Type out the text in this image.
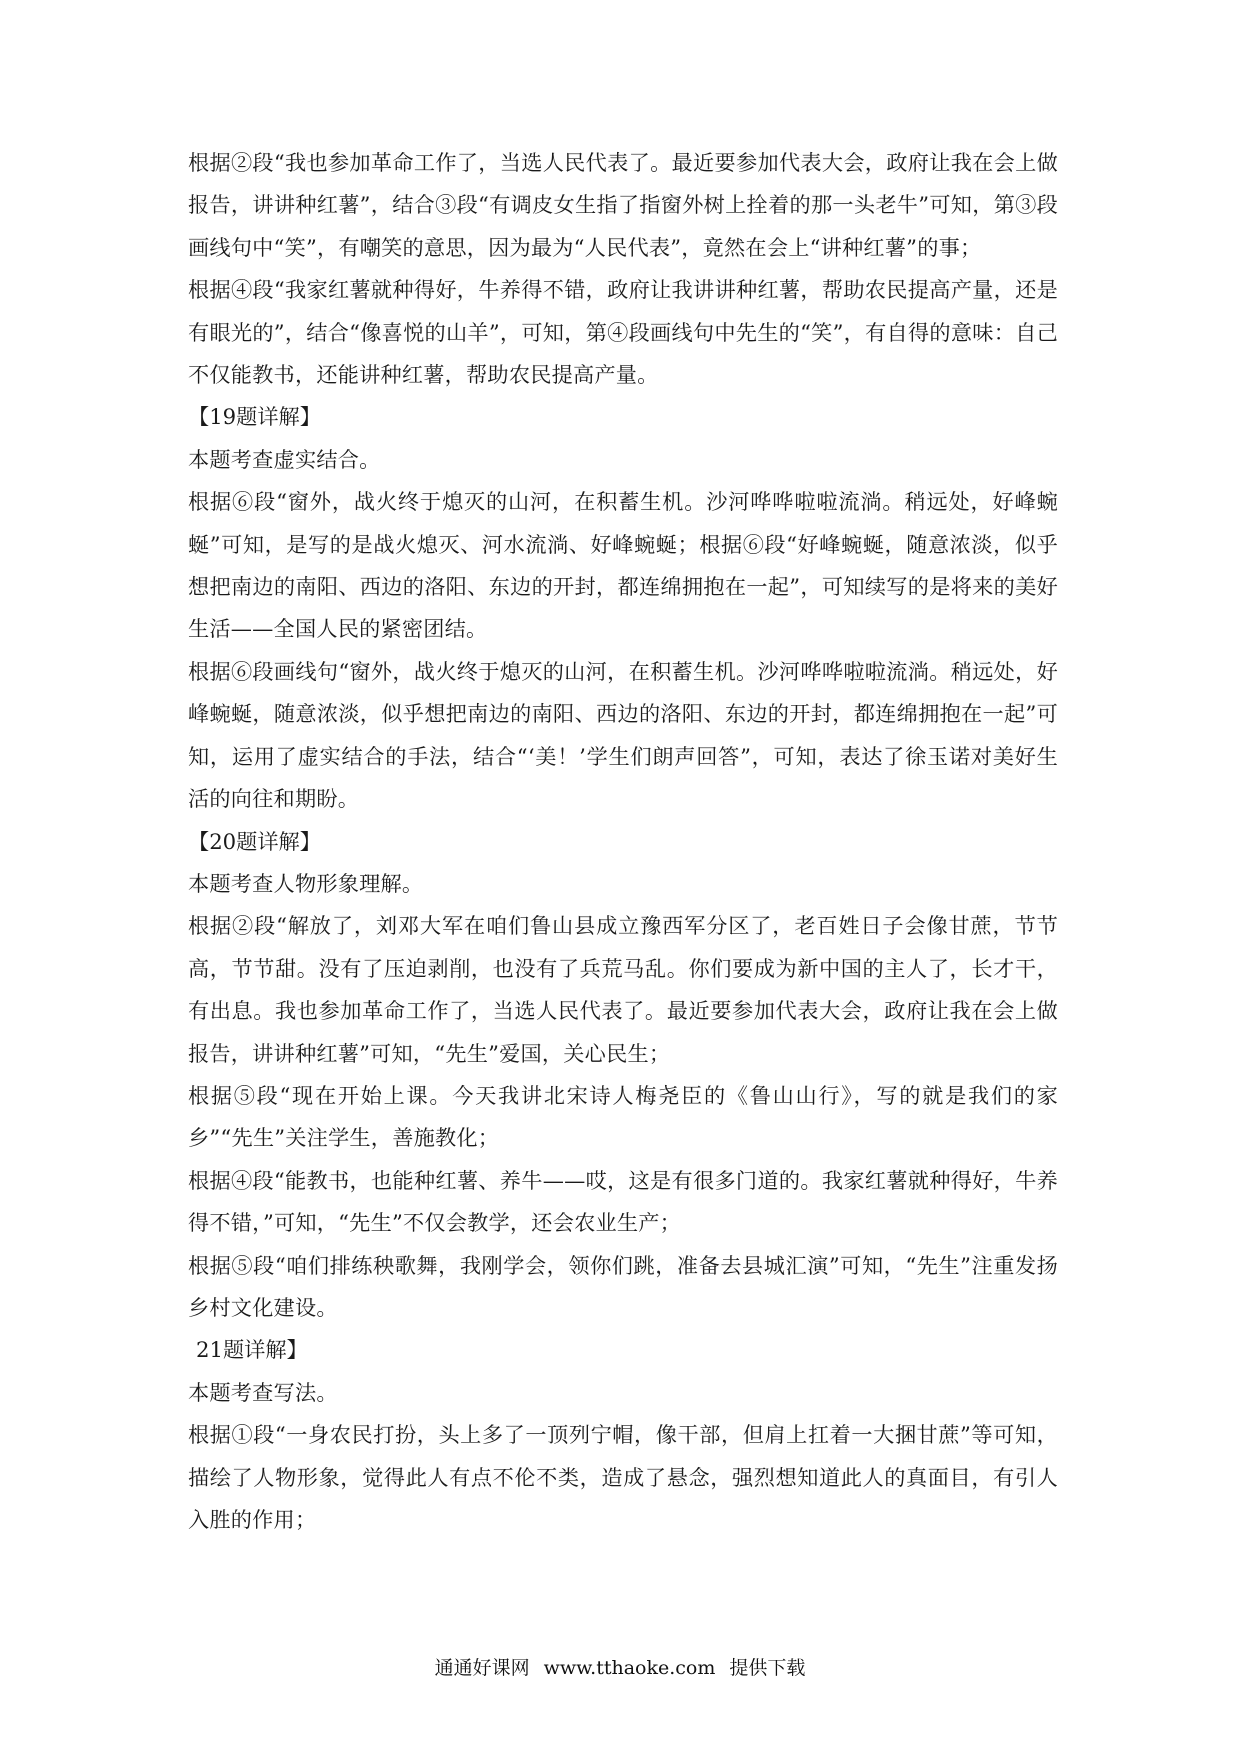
根据②段“我也参加革命工作了，当选人民代表了。最近要参加代表大会，政府让我在会上做报告，讲讲种红薯”，结合③段“有调皮女生指了指窗外树上拴着的那一头老牛”可知，第③段画线句中“笑”，有嘲笑的意思，因为最为“人民代表”，竟然在会上“讲种红薯”的事；

根据④段“我家红薯就种得好，牛养得不错，政府让我讲讲种红薯，帮助农民提高产量，还是有眼光的”，结合“像喜悦的山羊”，可知，第④段画线句中先生的“笑”，有自得的意味：自己不仅能教书，还能讲种红薯，帮助农民提高产量。

【19题详解】

本题考查虚实结合。

根据⑥段“窗外，战火终于熄灭的山河，在积蓄生机。沙河哗哗啦啦流淌。稍远处，好峰蜿蜒”可知，是写的是战火熄灭、河水流淌、好峰蜿蜒；根据⑥段“好峰蜿蜒，随意浓淡，似乎想把南边的南阳、西边的洛阳、东边的开封，都连绵拥抱在一起”，可知续写的是将来的美好生活——全国人民的紧密团结。

根据⑥段画线句“窗外，战火终于熄灭的山河，在积蓄生机。沙河哗哗啦啦流淌。稍远处，好峰蜿蜒，随意浓淡，似乎想把南边的南阳、西边的洛阳、东边的开封，都连绵拥抱在一起”可知，运用了虚实结合的手法，结合“‘美！’学生们朗声回答”，可知，表达了徐玉诺对美好生活的向往和期盼。

【20题详解】

本题考查人物形象理解。

根据②段“解放了，刘邓大军在咱们鲁山县成立豫西军分区了，老百姓日子会像甘蔗，节节高，节节甜。没有了压迫剥削，也没有了兵荒马乱。你们要成为新中国的主人了，长才干，有出息。我也参加革命工作了，当选人民代表了。最近要参加代表大会，政府让我在会上做报告，讲讲种红薯”可知，“先生”爱国，关心民生；

根据⑤段“现在开始上课。今天我讲北宋诗人梅尧臣的《鲁山山行》，写的就是我们的家乡”“先生”关注学生，善施教化；

根据④段“能教书，也能种红薯、养牛——哎，这是有很多门道的。我家红薯就种得好，牛养得不错，”可知，“先生”不仅会教学，还会农业生产；

根据⑤段“咱们排练秧歌舞，我刚学会，领你们跳，准备去县城汇演”可知，“先生”注重发扬乡村文化建设。

21题详解】

本题考查写法。

根据①段“一身农民打扮，头上多了一顶列宁帽，像干部，但肩上扛着一大捆甘蔗”等可知，描绘了人物形象，觉得此人有点不伦不类，造成了悬念，强烈想知道此人的真面目，有引人入胜的作用；

通通好课网 www.tthaoke.com 提供下载
